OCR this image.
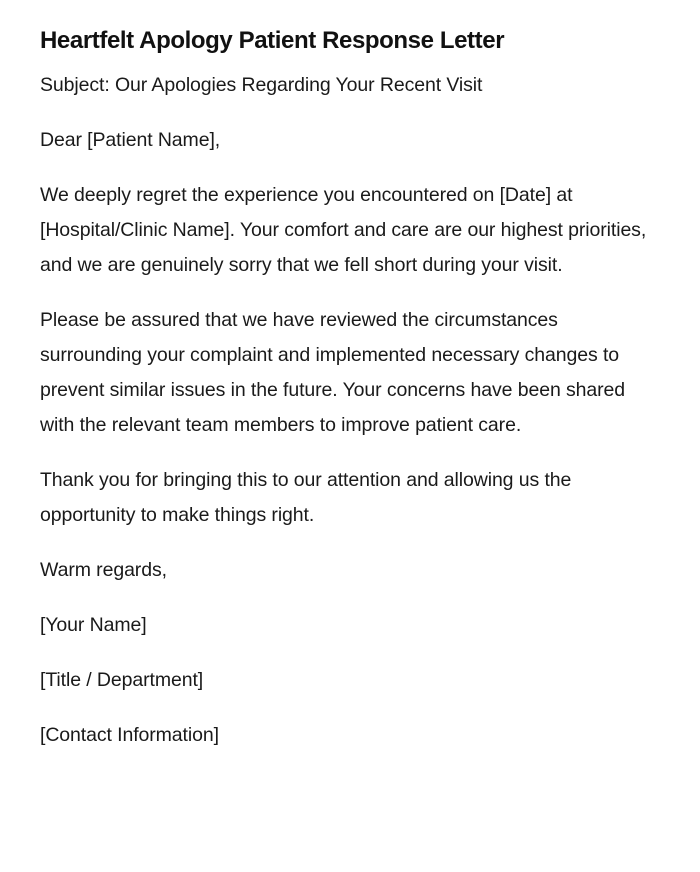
Heartfelt Apology Patient Response Letter

Subject: Our Apologies Regarding Your Recent Visit

Dear [Patient Name],

We deeply regret the experience you encountered on [Date] at [Hospital/Clinic Name]. Your comfort and care are our highest priorities, and we are genuinely sorry that we fell short during your visit.

Please be assured that we have reviewed the circumstances surrounding your complaint and implemented necessary changes to prevent similar issues in the future. Your concerns have been shared with the relevant team members to improve patient care.

Thank you for bringing this to our attention and allowing us the opportunity to make things right.

Warm regards,

[Your Name]

[Title / Department]

[Contact Information]
